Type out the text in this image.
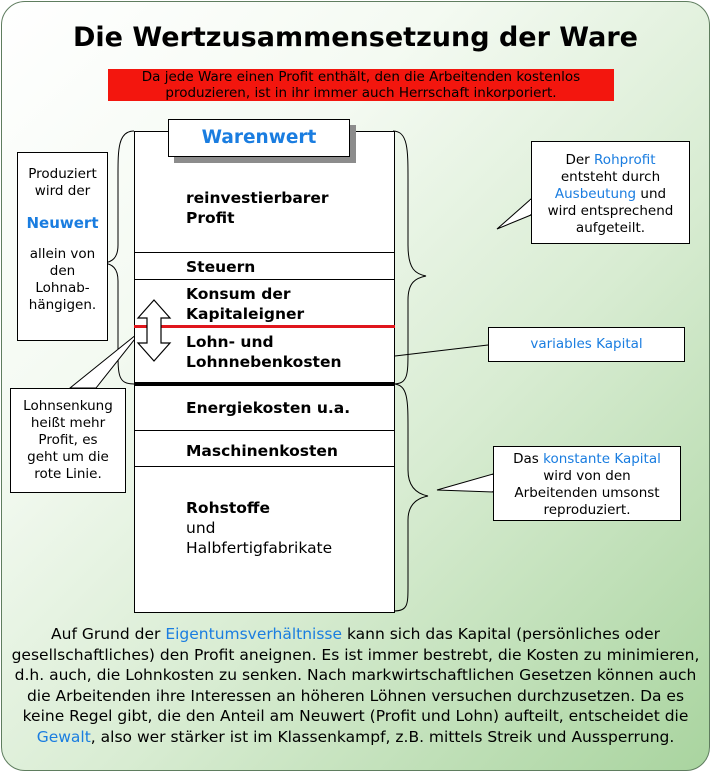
Die Wertzusammensetzung der Ware
Da jede Ware einen Profit enthält, den die Arbeitenden kostenlos
produzieren, ist in ihr immer auch Herrschaft inkorporiert.
Warenwert
reinvestierbarer
Profit
Steuern
Konsum der
Kapitaleigner
Lohn- und
Lohnnebenkosten
Energiekosten u.a.
Maschinenkosten
Rohstoffe
und
Halbfertigfabrikate
Produziert
wird der
Neuwert
allein von
den
Lohnab-
hängigen.
Lohnsenkung
heißt mehr
Profit, es
geht um die
rote Linie.
Der Rohprofit
entsteht durch
Ausbeutung und
wird entsprechend
aufgeteilt.
variables Kapital
Das konstante Kapital
wird von den
Arbeitenden umsonst
reproduziert.
Auf Grund der Eigentumsverhältnisse kann sich das Kapital (persönliches oder gesellschaftliches) den Profit aneignen. Es ist immer bestrebt, die Kosten zu minimieren, d.h. auch, die Lohnkosten zu senken. Nach markwirtschaftlichen Gesetzen können auch die Arbeitenden ihre Interessen an höheren Löhnen versuchen durchzusetzen. Da es keine Regel gibt, die den Anteil am Neuwert (Profit und Lohn) aufteilt, entscheidet die Gewalt, also wer stärker ist im Klassenkampf, z.B. mittels Streik und Aussperrung.
